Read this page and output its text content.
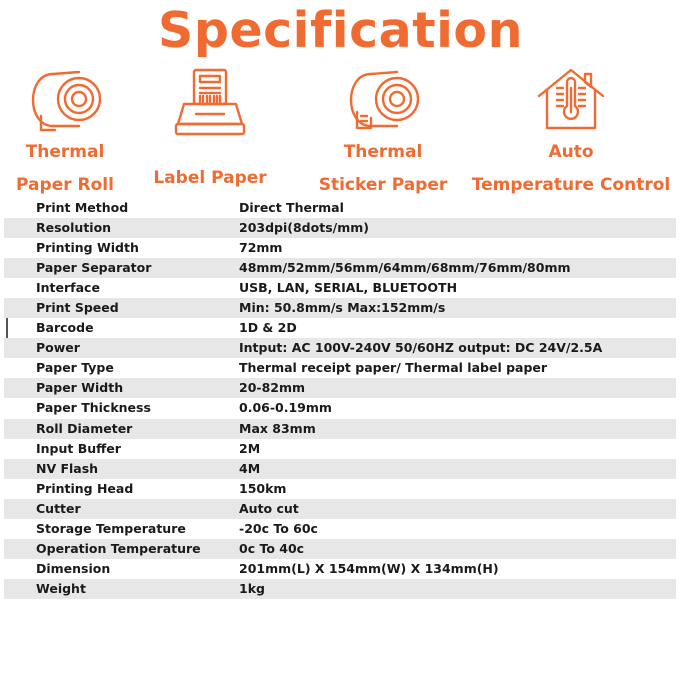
Specification
Thermal
Paper Roll	Label Paper
Thermal
Sticker Paper
Auto
Temperature Control
Print Method	Direct Thermal
Resolution	203dpi(8dots/mm)
Printing Width	72mm
Paper Separator	48mm/52mm/56mm/64mm/68mm/76mm/80mm
Interface	USB, LAN, SERIAL, BLUETOOTH
Print Speed	Min: 50.8mm/s Max:152mm/s
Barcode	1D & 2D
Power	Intput: AC 100V-240V 50/60HZ output: DC 24V/2.5A
Paper Type	Thermal receipt paper/ Thermal label paper
Paper Width	20-82mm
Paper Thickness	0.06-0.19mm
Roll Diameter	Max 83mm
Input Buffer	2M
NV Flash	4M
Printing Head	150km
Cutter	Auto cut
Storage Temperature	-20c To 60c
Operation Temperature	0c To 40c
Dimension	201mm(L) X 154mm(W) X 134mm(H)
Weight	1kg
